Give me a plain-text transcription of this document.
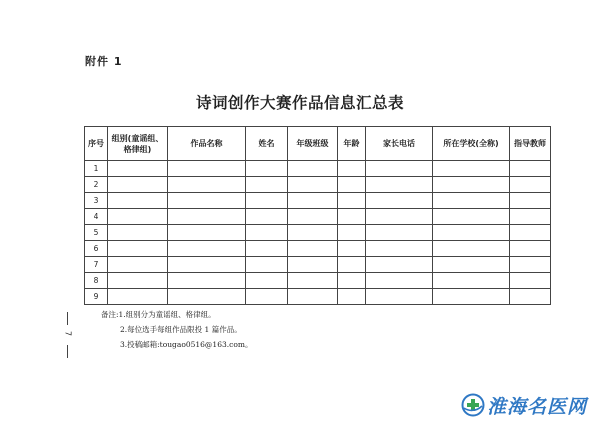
附件 1
诗词创作大赛作品信息汇总表
序号	组别(童谣组、格律组)	作品名称	姓名	年级班级	年龄	家长电话	所在学校(全称)	指导教师
1								
2								
3								
4								
5								
6								
7								
8								
9								
备注:1.组别分为童谣组、格律组。
2.每位选手每组作品限投 1 篇作品。
3.投稿邮箱:tougao0516@163.com。
7
淮海名医网
